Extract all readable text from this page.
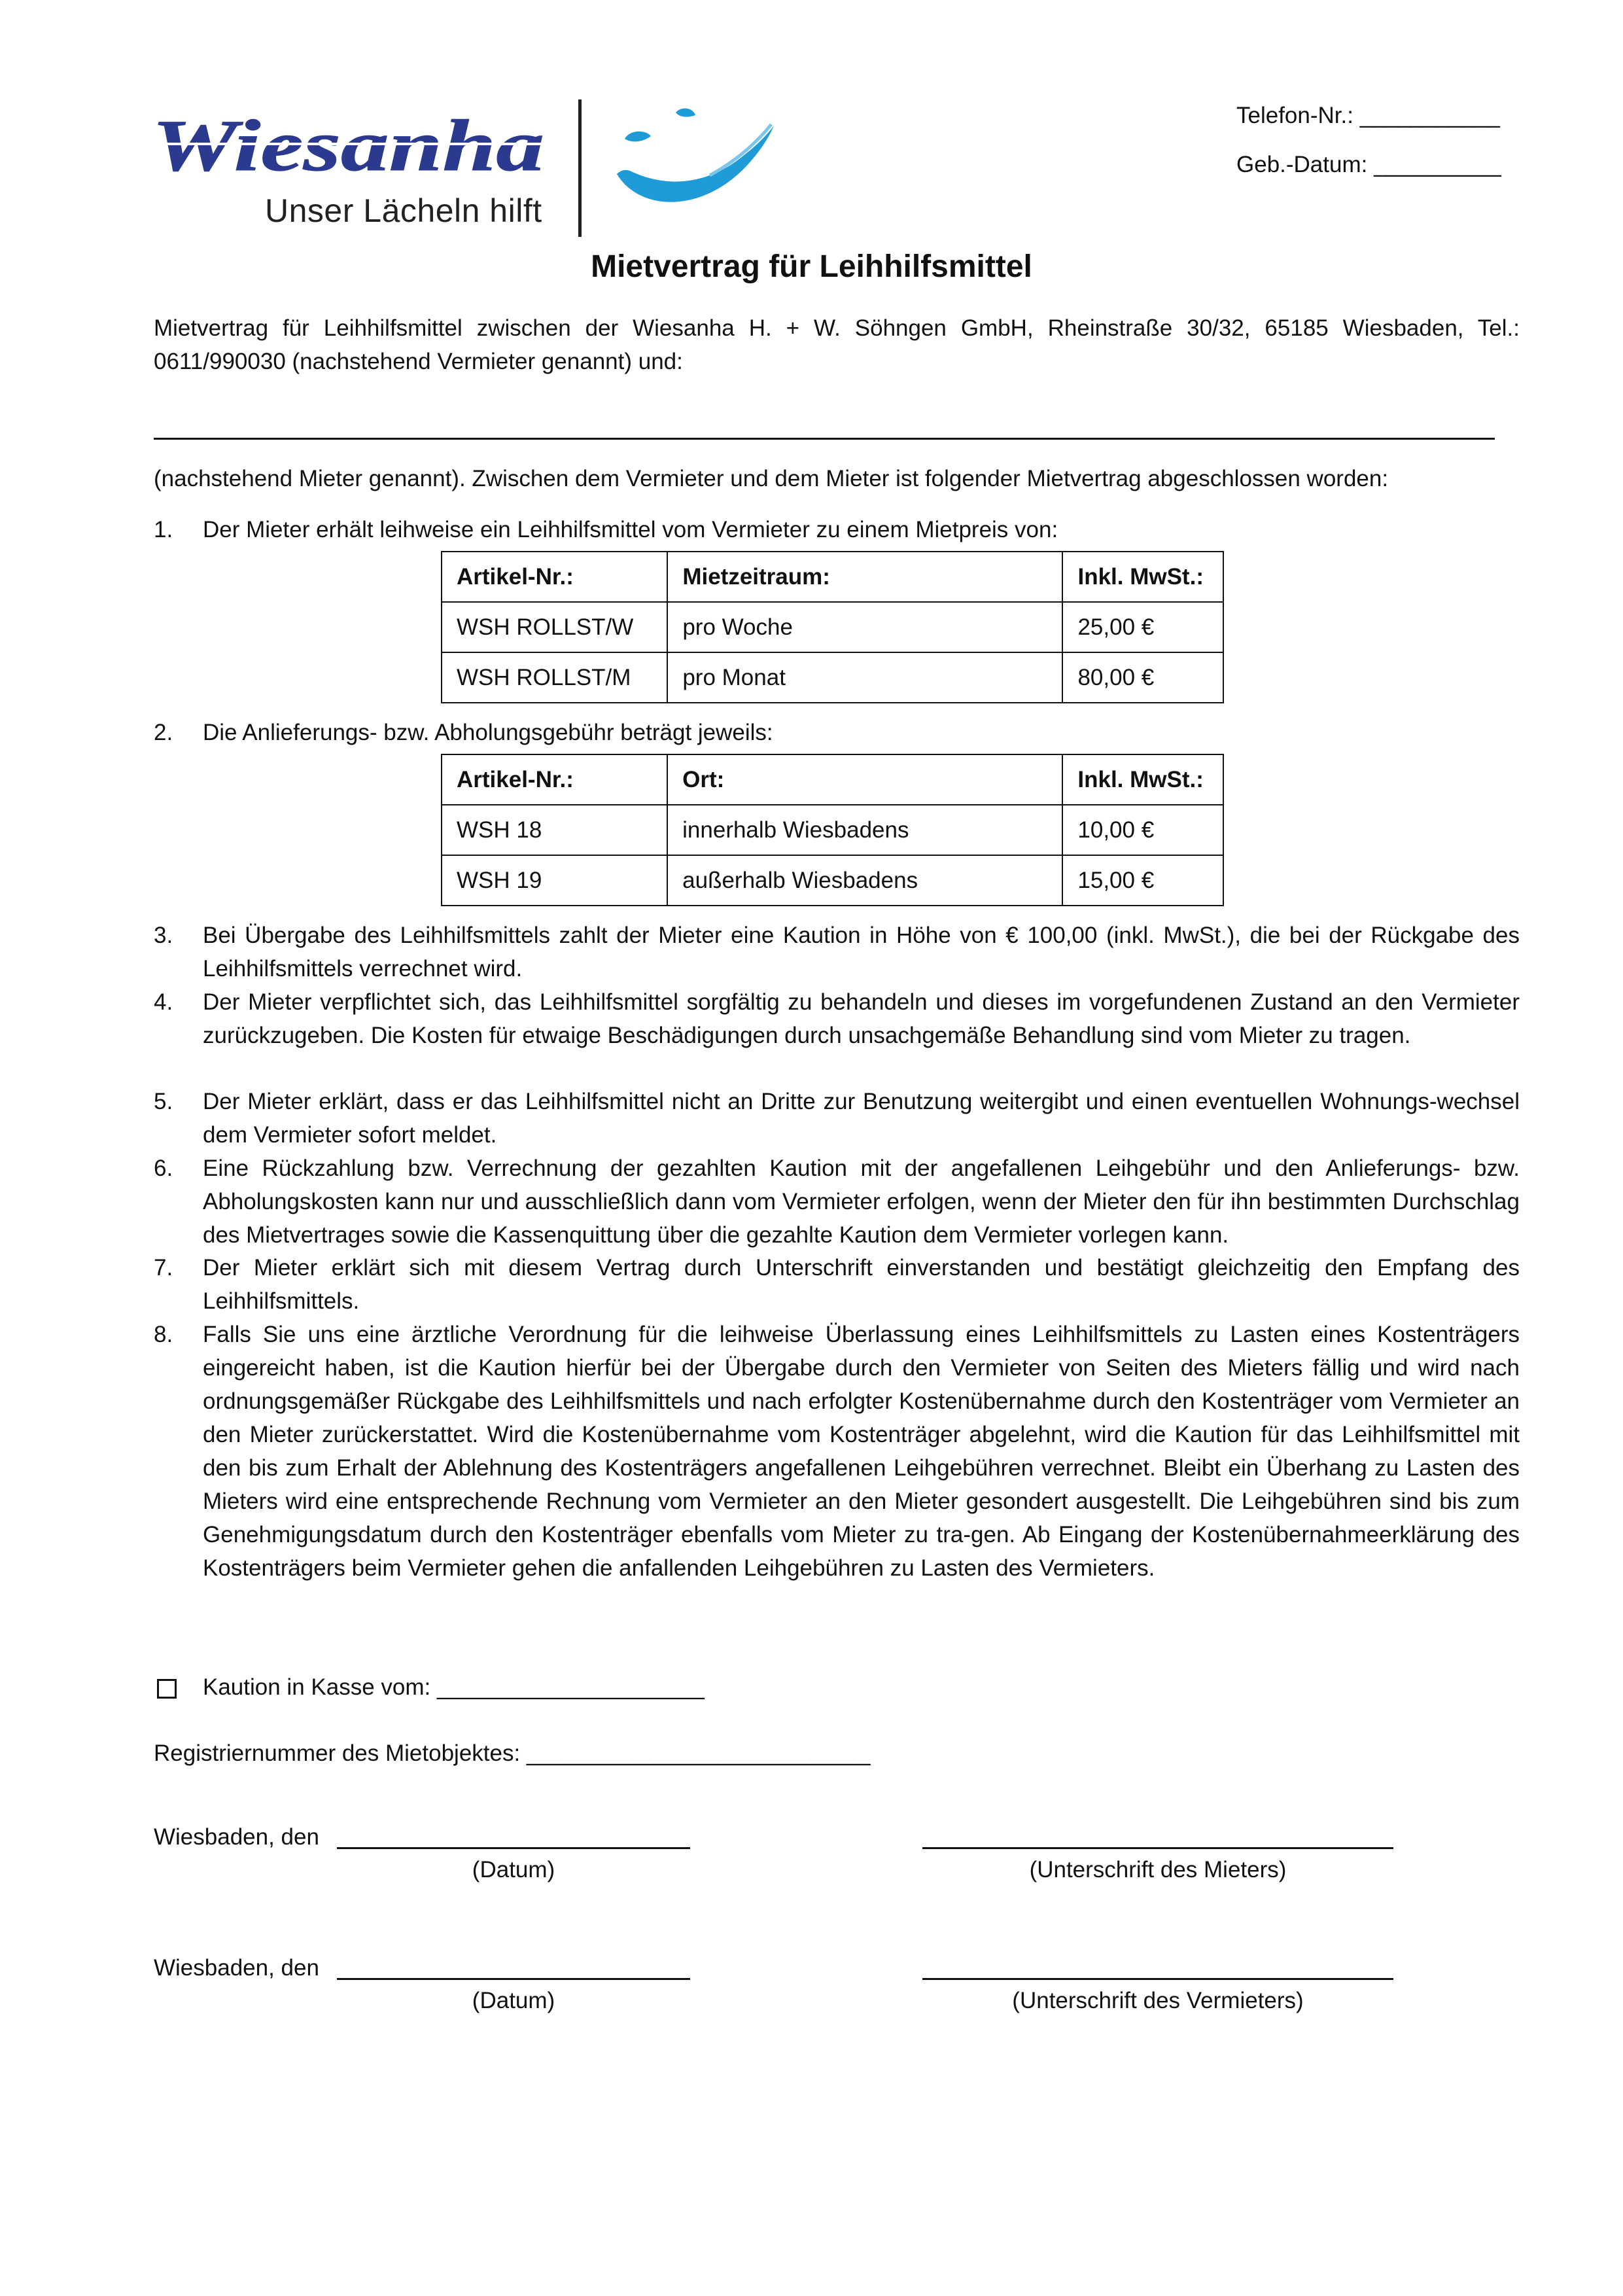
Wiesanha
Unser Lächeln hilft
Telefon-Nr.: ___________
Geb.-Datum: __________
Mietvertrag für Leihhilfsmittel
Mietvertrag für Leihhilfsmittel zwischen der Wiesanha H. + W. Söhngen GmbH, Rheinstraße 30/32, 65185 Wiesbaden, Tel.: 0611/990030 (nachstehend Vermieter genannt) und:
(nachstehend Mieter genannt). Zwischen dem Vermieter und dem Mieter ist folgender Mietvertrag abgeschlossen worden:
1.	Der Mieter erhält leihweise ein Leihhilfsmittel vom Vermieter zu einem Mietpreis von:
Artikel-Nr.:	Mietzeitraum:	Inkl. MwSt.:
WSH ROLLST/W	pro Woche	25,00 €
WSH ROLLST/M	pro Monat	80,00 €
2.	Die Anlieferungs- bzw. Abholungsgebühr beträgt jeweils:
Artikel-Nr.:	Ort:	Inkl. MwSt.:
WSH 18	innerhalb Wiesbadens	10,00 €
WSH 19	außerhalb Wiesbadens	15,00 €
3.	Bei Übergabe des Leihhilfsmittels zahlt der Mieter eine Kaution in Höhe von € 100,00 (inkl. MwSt.), die bei der Rückgabe des Leihhilfsmittels verrechnet wird.
4.	Der Mieter verpflichtet sich, das Leihhilfsmittel sorgfältig zu behandeln und dieses im vorgefundenen Zustand an den Vermieter zurückzugeben. Die Kosten für etwaige Beschädigungen durch unsachgemäße Behandlung sind vom Mieter zu tragen.
5.	Der Mieter erklärt, dass er das Leihhilfsmittel nicht an Dritte zur Benutzung weitergibt und einen eventuellen Wohnungs-wechsel dem Vermieter sofort meldet.
6.	Eine Rückzahlung bzw. Verrechnung der gezahlten Kaution mit der angefallenen Leihgebühr und den Anlieferungs- bzw. Abholungskosten kann nur und ausschließlich dann vom Vermieter erfolgen, wenn der Mieter den für ihn bestimmten Durchschlag des Mietvertrages sowie die Kassenquittung über die gezahlte Kaution dem Vermieter vorlegen kann.
7.	Der Mieter erklärt sich mit diesem Vertrag durch Unterschrift einverstanden und bestätigt gleichzeitig den Empfang des Leihhilfsmittels.
8.	Falls Sie uns eine ärztliche Verordnung für die leihweise Überlassung eines Leihhilfsmittels zu Lasten eines Kostenträgers eingereicht haben, ist die Kaution hierfür bei der Übergabe durch den Vermieter von Seiten des Mieters fällig und wird nach ordnungsgemäßer Rückgabe des Leihhilfsmittels und nach erfolgter Kostenübernahme durch den Kostenträger vom Vermieter an den Mieter zurückerstattet. Wird die Kostenübernahme vom Kostenträger abgelehnt, wird die Kaution für das Leihhilfsmittel mit den bis zum Erhalt der Ablehnung des Kostenträgers angefallenen Leihgebühren verrechnet. Bleibt ein Überhang zu Lasten des Mieters wird eine entsprechende Rechnung vom Vermieter an den Mieter gesondert ausgestellt. Die Leihgebühren sind bis zum Genehmigungsdatum durch den Kostenträger ebenfalls vom Mieter zu tra-gen. Ab Eingang der Kostenübernahmeerklärung des Kostenträgers beim Vermieter gehen die anfallenden Leihgebühren zu Lasten des Vermieters.
Kaution in Kasse vom: _____________________
Registriernummer des Mietobjektes: ___________________________
Wiesbaden, den
(Datum)	(Unterschrift des Mieters)
Wiesbaden, den
(Datum)	(Unterschrift des Vermieters)
